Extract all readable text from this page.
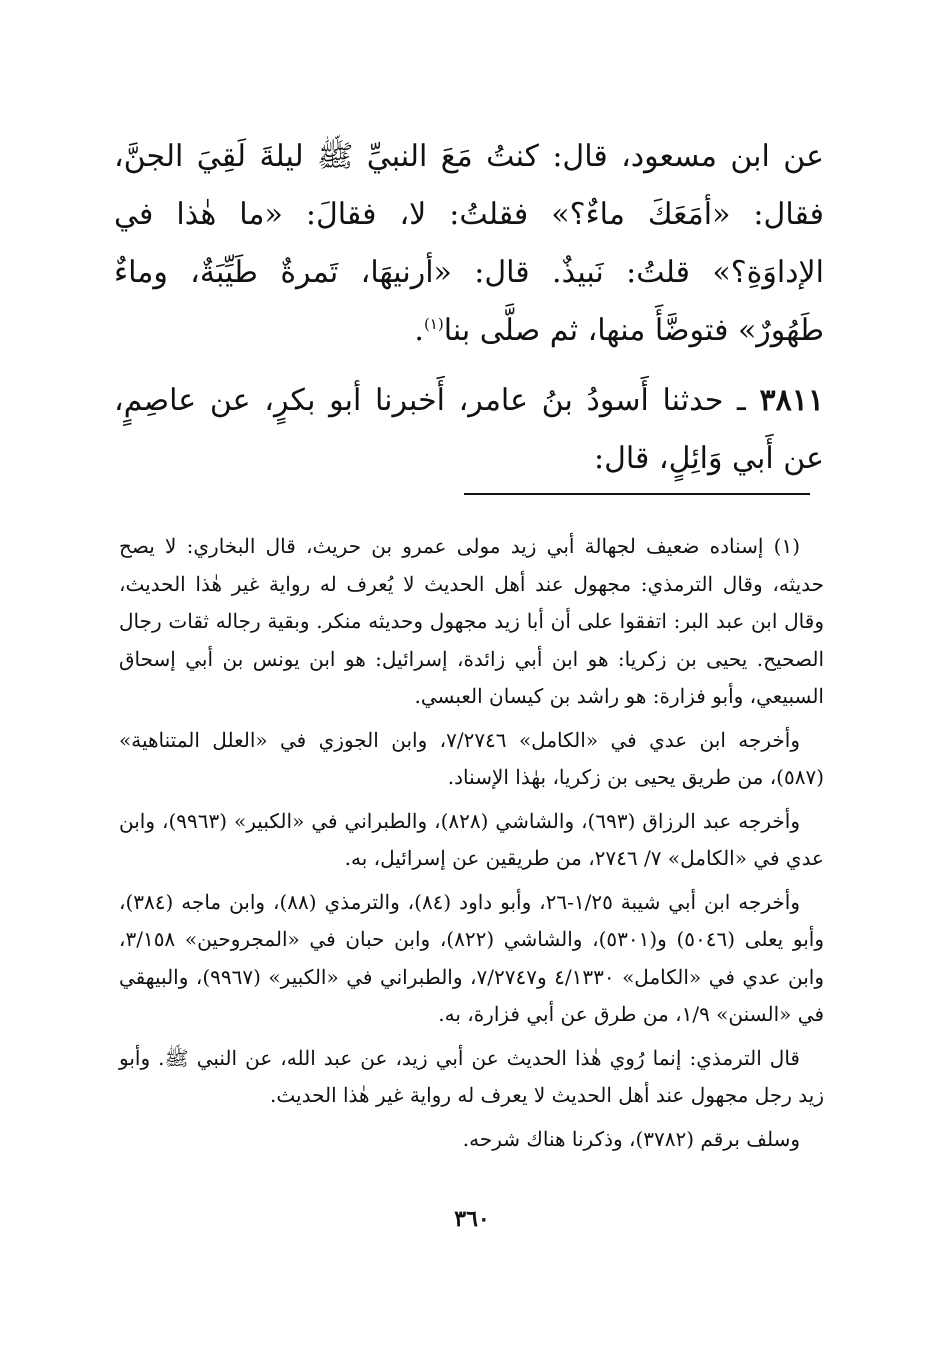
عن ابن مسعود، قال: كنتُ مَعَ النبيِّ ﷺ ليلةَ لَقِيَ الجنَّ، فقال: «أمَعَكَ ماءٌ؟» فقلتُ: لا، فقالَ: «ما هٰذا في الإداوَةِ؟» قلتُ: نَبيذٌ. قال: «أرنيهَا، تَمرةٌ طَيِّبَةٌ، وماءٌ طَهُورٌ» فتوضَّأَ منها، ثم صلَّى بنا$^{(١)}$.

٣٨١١ ـ حدثنا أَسودُ بنُ عامر، أَخبرنا أبو بكرٍ، عن عاصِمٍ، عن أَبي وَائِلٍ، قال:

(١) إسناده ضعيف لجهالة أبي زيد مولى عمرو بن حريث، قال البخاري: لا يصح حديثه، وقال الترمذي: مجهول عند أهل الحديث لا يُعرف له رواية غير هٰذا الحديث، وقال ابن عبد البر: اتفقوا على أن أبا زيد مجهول وحديثه منكر. وبقية رجاله ثقات رجال الصحيح. يحيى بن زكريا: هو ابن أبي زائدة، إسرائيل: هو ابن يونس بن أبي إسحاق السبيعي، وأبو فزارة: هو راشد بن كيسان العبسي.

وأخرجه ابن عدي في «الكامل» ٧/٢٧٤٦، وابن الجوزي في «العلل المتناهية» (٥٨٧)، من طريق يحيى بن زكريا، بهٰذا الإسناد.

وأخرجه عبد الرزاق (٦٩٣)، والشاشي (٨٢٨)، والطبراني في «الكبير» (٩٩٦٣)، وابن عدي في «الكامل» ٧/ ٢٧٤٦، من طريقين عن إسرائيل، به.

وأخرجه ابن أبي شيبة ١/٢٥-٢٦، وأبو داود (٨٤)، والترمذي (٨٨)، وابن ماجه (٣٨٤)، وأبو يعلى (٥٠٤٦) و(٥٣٠١)، والشاشي (٨٢٢)، وابن حبان في «المجروحين» ٣/١٥٨، وابن عدي في «الكامل» ٤/١٣٣٠ و٧/٢٧٤٧، والطبراني في «الكبير» (٩٩٦٧)، والبيهقي في «السنن» ١/٩، من طرق عن أبي فزارة، به.

قال الترمذي: إنما رُوي هٰذا الحديث عن أبي زيد، عن عبد الله، عن النبي ﷺ. وأبو زيد رجل مجهول عند أهل الحديث لا يعرف له رواية غير هٰذا الحديث.

وسلف برقم (٣٧٨٢)، وذكرنا هناك شرحه.

٣٦٠
